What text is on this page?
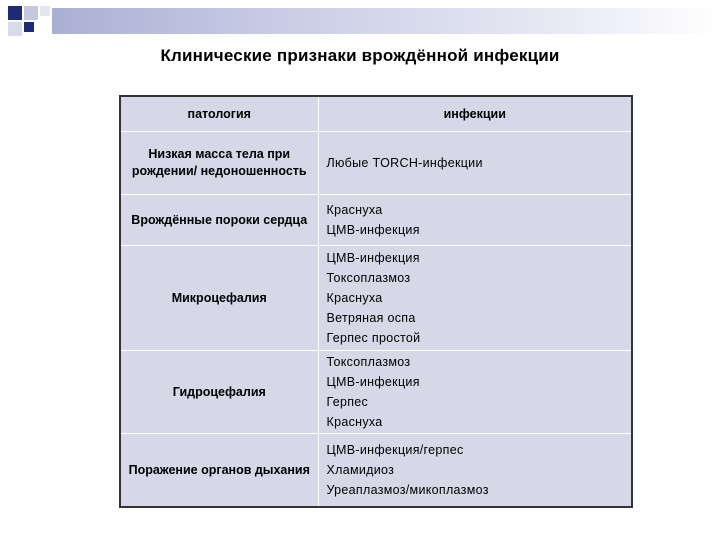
Клинические признаки врождённой инфекции
патология	инфекции
Низкая масса тела при рождении/ недоношенность	Любые TORCH-инфекции

Врождённые пороки сердца	Краснуха
ЦМВ-инфекция

Микроцефалия	ЦМВ-инфекция
Токсоплазмоз
Краснуха
Ветряная оспа
Герпес простой

Гидроцефалия	Токсоплазмоз
ЦМВ-инфекция
Герпес
Краснуха

Поражение органов дыхания	ЦМВ-инфекция/герпес
Хламидиоз
Уреаплазмоз/микоплазмоз
